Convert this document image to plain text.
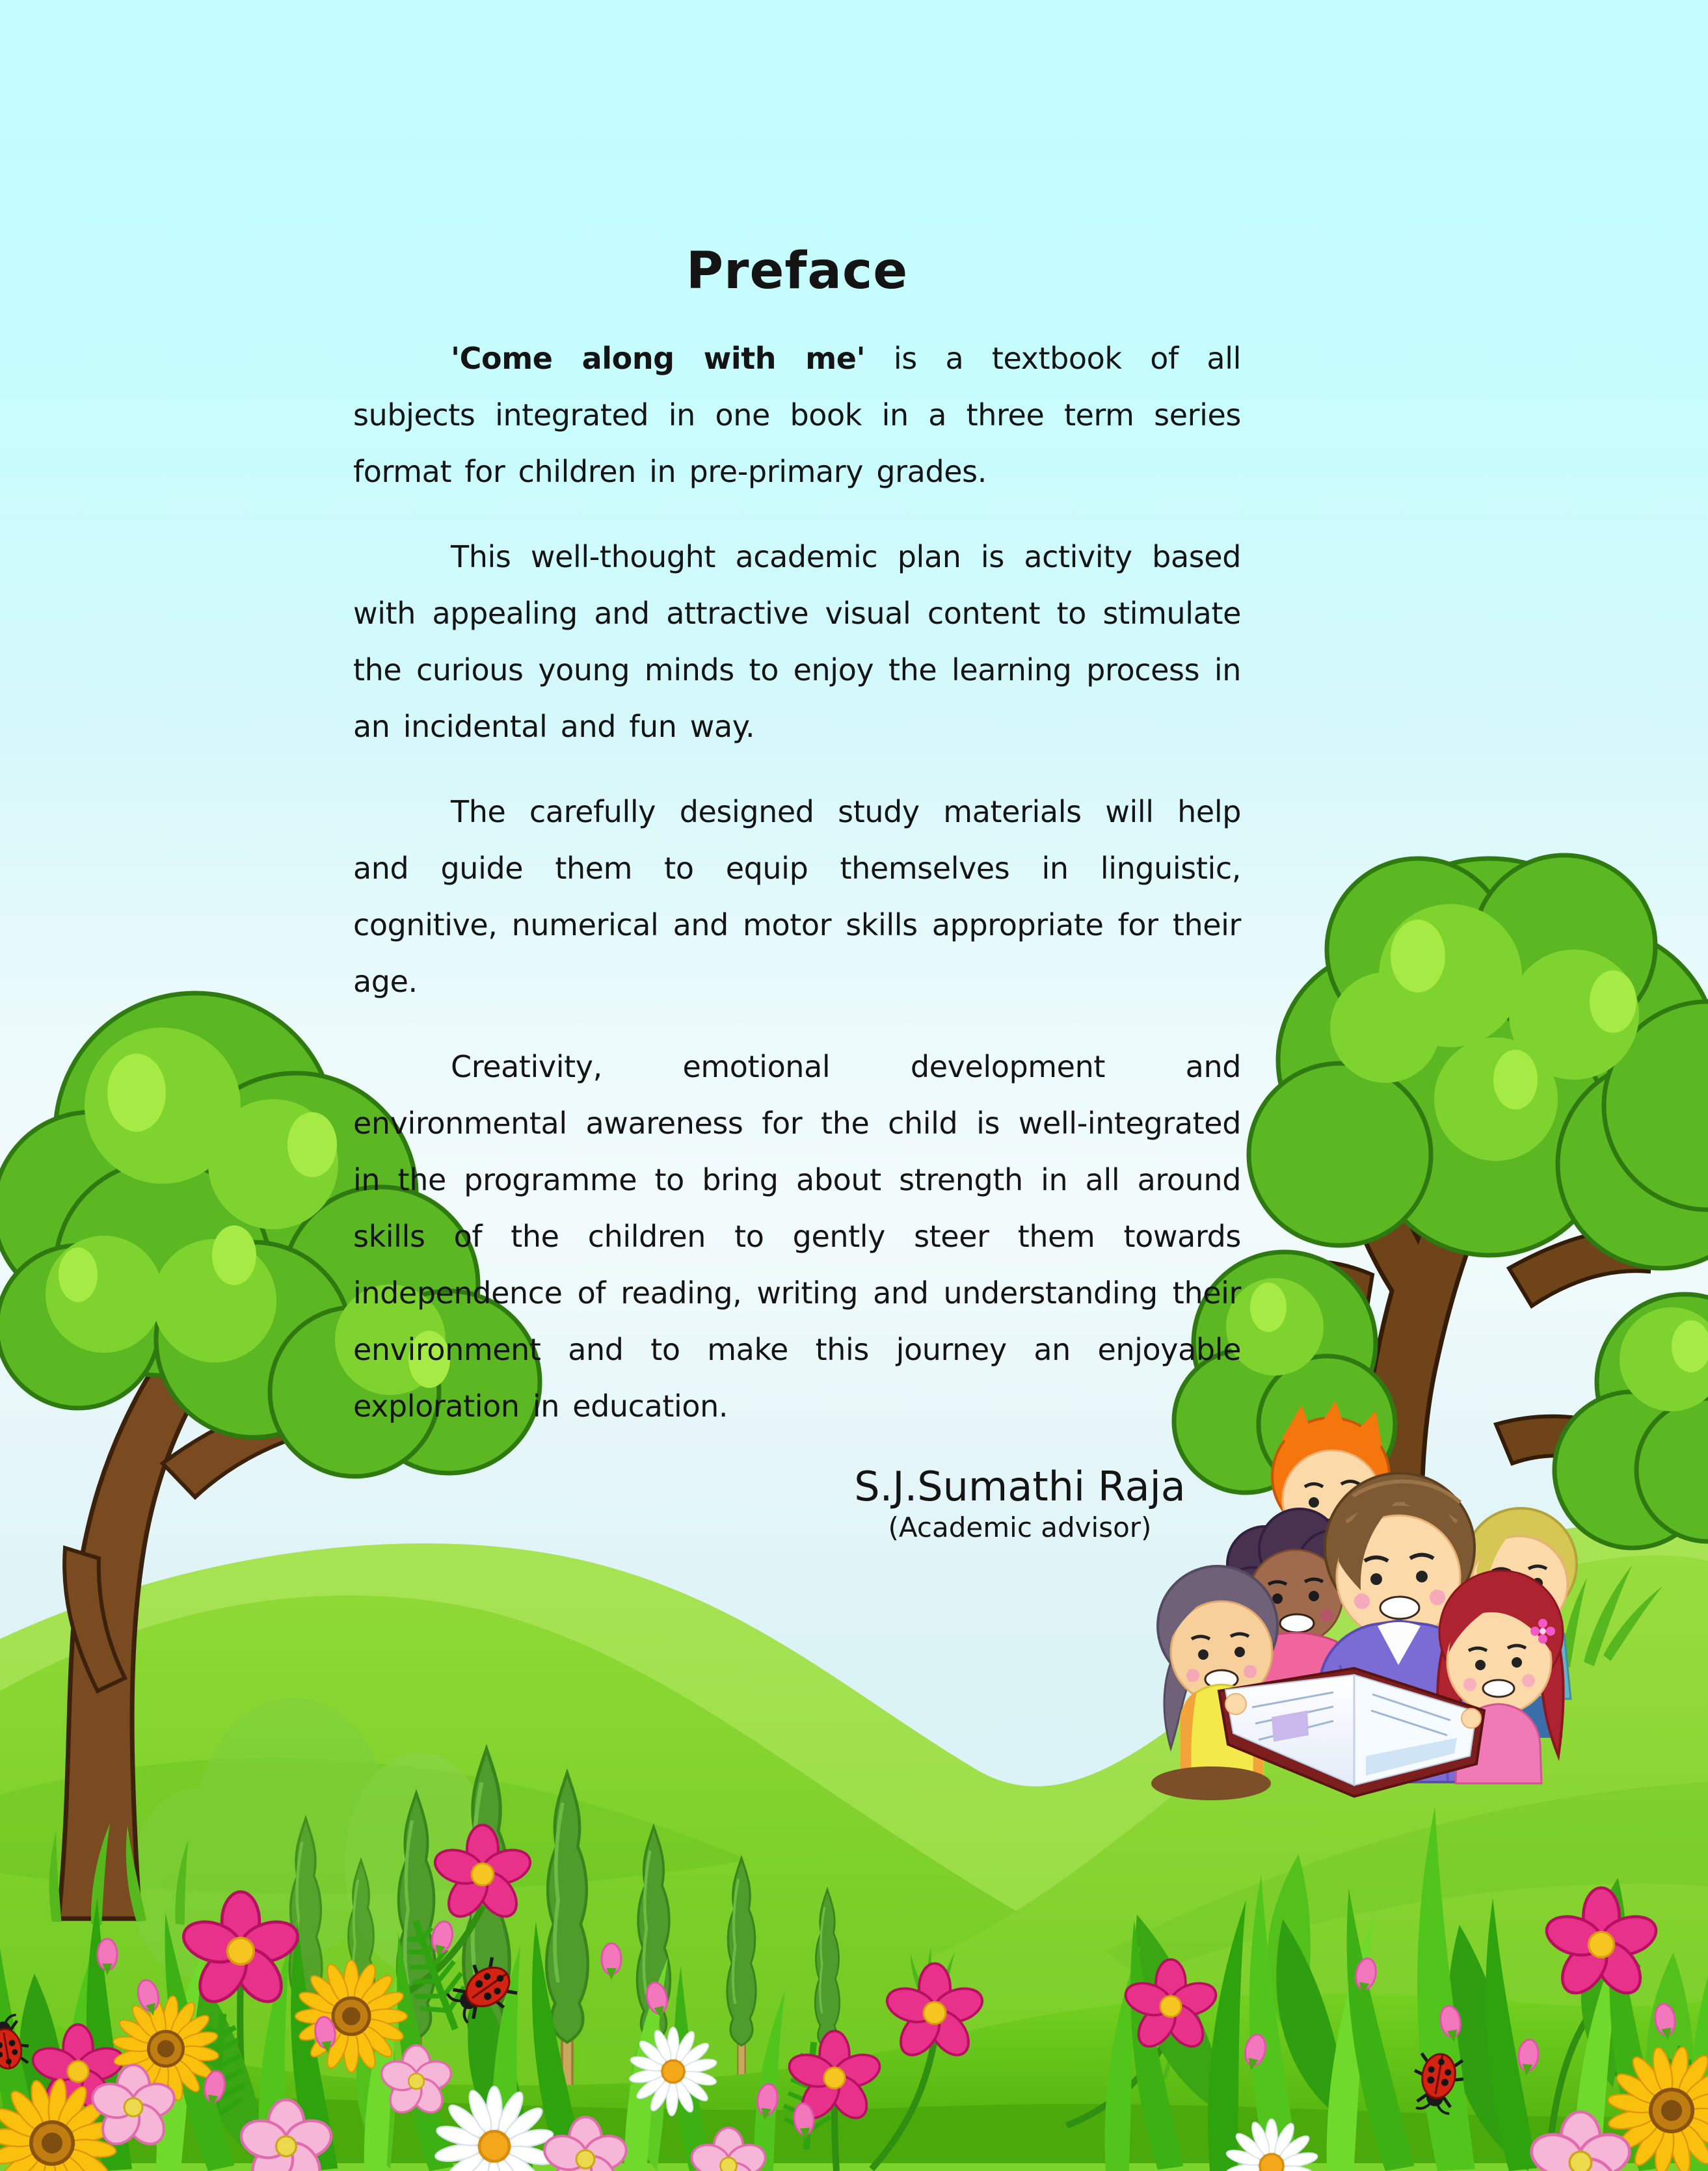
Preface

'Come along with me' is a textbook of all subjects integrated in one book in a three term series format for children in pre-primary grades.

This well-thought academic plan is activity based with appealing and attractive visual content to stimulate the curious young minds to enjoy the learning process in an incidental and fun way.

The carefully designed study materials will help and guide them to equip themselves in linguistic, cognitive, numerical and motor skills appropriate for their age.

Creativity, emotional development and environmental awareness for the child is well-integrated in the programme to bring about strength in all around skills of the children to gently steer them towards independence of reading, writing and understanding their environment and to make this journey an enjoyable exploration in education.

S.J.Sumathi Raja
(Academic advisor)
